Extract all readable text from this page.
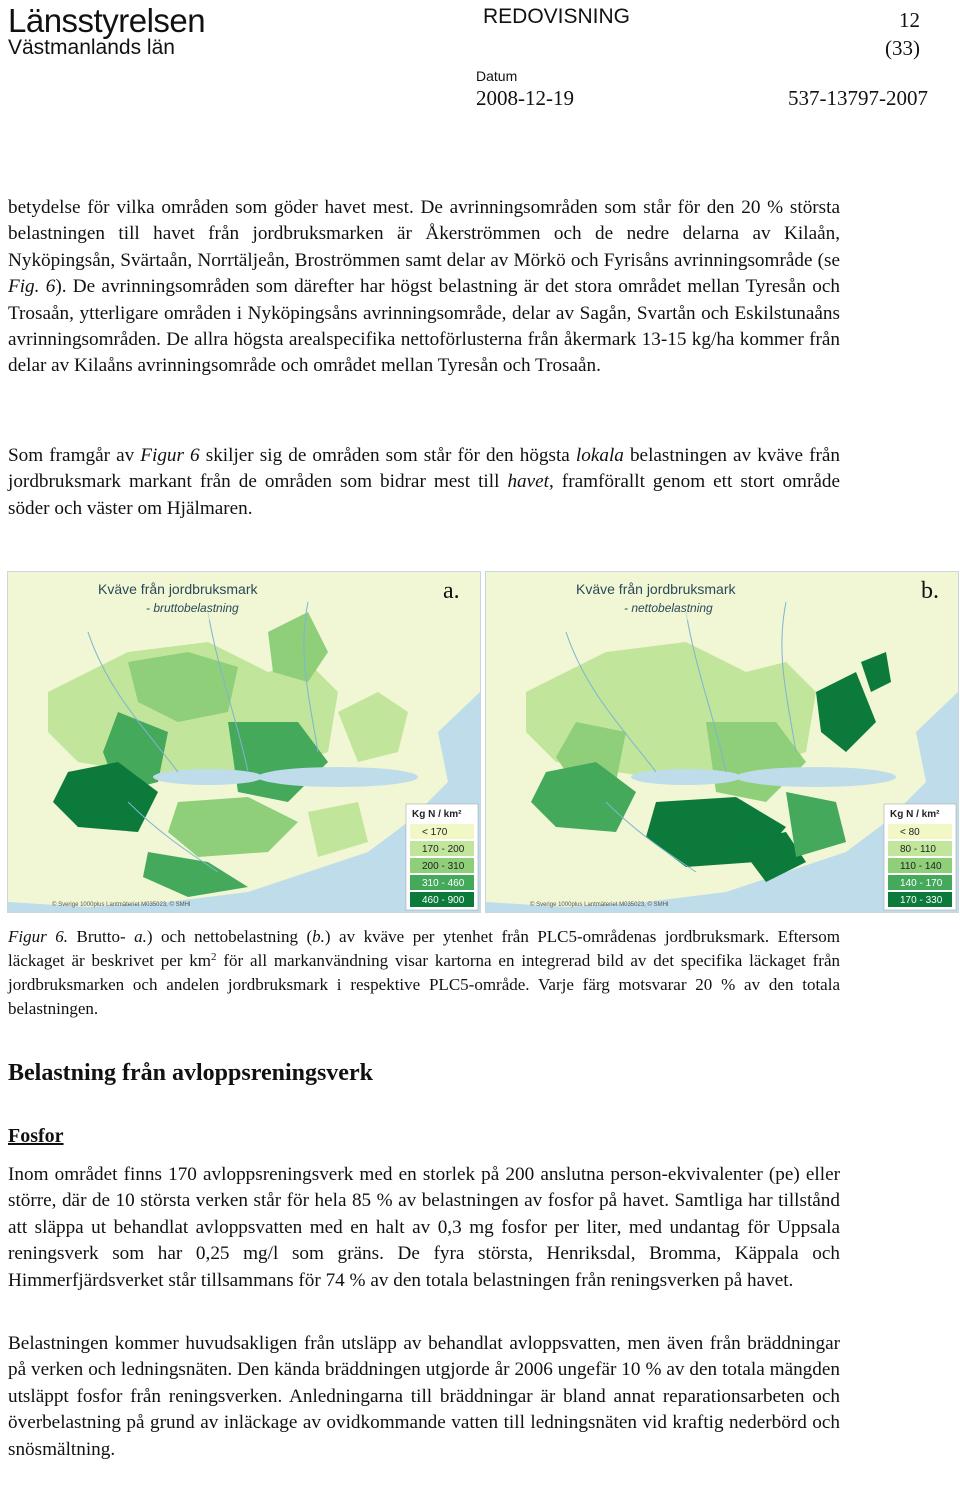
Länsstyrelsen
Västmanlands län
REDOVISNING	12
(33)
Datum
2008-12-19	537-13797-2007

betydelse för vilka områden som göder havet mest. De avrinningsområden som står för den 20 % största belastningen till havet från jordbruksmarken är Åkerströmmen och de nedre delarna av Kilaån, Nyköpingsån, Svärtaån, Norrtäljeån, Broströmmen samt delar av Mörkö och Fyrisåns avrinningsområde (se Fig. 6). De avrinningsområden som därefter har högst belastning är det stora området mellan Tyresån och Trosaån, ytterligare områden i Nyköpingsåns avrinningsområde, delar av Sagån, Svartån och Eskilstunaåns avrinningsområden. De allra högsta arealspecifika nettoförlusterna från åkermark 13-15 kg/ha kommer från delar av Kilaåns avrinningsområde och området mellan Tyresån och Trosaån.

Som framgår av Figur 6 skiljer sig de områden som står för den högsta lokala belastningen av kväve från jordbruksmark markant från de områden som bidrar mest till havet, framförallt genom ett stort område söder och väster om Hjälmaren.

Kväve från jordbruksmark
- bruttobelastning
Kg N / km²
< 170
170 - 200
200 - 310
310 - 460
460 - 900
© Sverige 1000plus Lantmäteriet M035023, © SMHI
a.	Kväve från jordbruksmark
- nettobelastning
Kg N / km²
< 80
80 - 110
110 - 140
140 - 170
170 - 330
© Sverige 1000plus Lantmäteriet M035023, © SMHI
b.

Figur 6. Brutto- a.) och nettobelastning (b.) av kväve per ytenhet från PLC5-områdenas jordbruksmark. Eftersom läckaget är beskrivet per $km^2$ för all markanvändning visar kartorna en integrerad bild av det specifika läckaget från jordbruksmarken och andelen jordbruksmark i respektive PLC5-område. Varje färg motsvarar 20 % av den totala belastningen.

Belastning från avloppsreningsverk
Fosfor

Inom området finns 170 avloppsreningsverk med en storlek på 200 anslutna person-ekvivalenter (pe) eller större, där de 10 största verken står för hela 85 % av belastningen av fosfor på havet. Samtliga har tillstånd att släppa ut behandlat avloppsvatten med en halt av 0,3 mg fosfor per liter, med undantag för Uppsala reningsverk som har 0,25 mg/l som gräns. De fyra största, Henriksdal, Bromma, Käppala och Himmerfjärdsverket står tillsammans för 74 % av den totala belastningen från reningsverken på havet.

Belastningen kommer huvudsakligen från utsläpp av behandlat avloppsvatten, men även från bräddningar på verken och ledningsnäten. Den kända bräddningen utgjorde år 2006 ungefär 10 % av den totala mängden utsläppt fosfor från reningsverken. Anledningarna till bräddningar är bland annat reparationsarbeten och överbelastning på grund av inläckage av ovidkommande vatten till ledningsnäten vid kraftig nederbörd och snösmältning.
